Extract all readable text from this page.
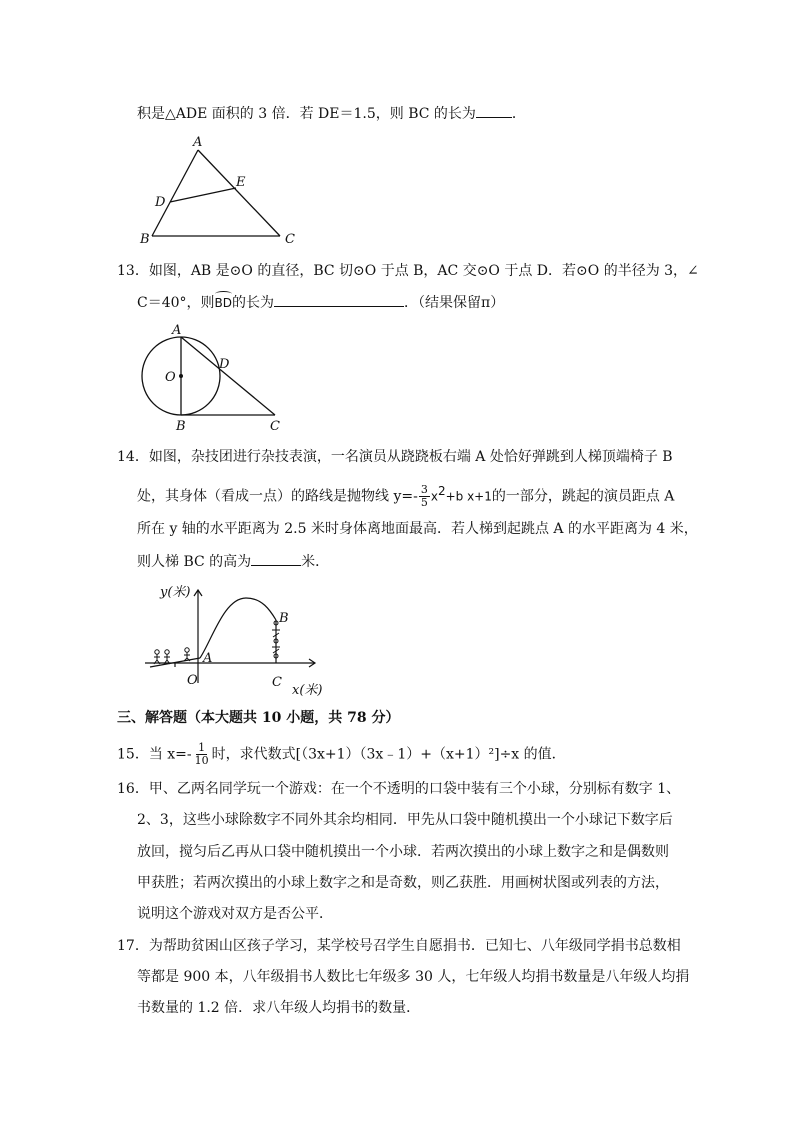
积是△ADE 面积的 3 倍．若 DE＝1.5，则 BC 的长为	．
A
D
E
B	C
13．如图，AB 是⊙O 的直径，BC 切⊙O 于点 B，AC 交⊙O 于点 D．若⊙O 的半径为 3，∠
C＝40°，则BD的长为	．（结果保留π）
A
O
D
B	C
14．如图，杂技团进行杂技表演，一名演员从跷跷板右端 A 处恰好弹跳到人梯顶端椅子 B
处，其身体（看成一点）的路线是抛物线 $y=- \frac{3}{5} x^2+b$ x+1的一部分，跳起的演员距点 A
所在 y 轴的水平距离为 2.5 米时身体离地面最高．若人梯到起跳点 A 的水平距离为 4 米，
则人梯 BC 的高为	米．
y(米)
x(米)
A
B
C
O
三、解答题（本大题共 10 小题，共 78 分）
15．当 $x=- \frac{1}{10}$ 时，求代数式[（3x+1）（3x﹣1）+（x+1）²]÷x 的值．
16．甲、乙两名同学玩一个游戏：在一个不透明的口袋中装有三个小球，分别标有数字 1、
2、3，这些小球除数字不同外其余均相同．甲先从口袋中随机摸出一个小球记下数字后
放回，搅匀后乙再从口袋中随机摸出一个小球．若两次摸出的小球上数字之和是偶数则
甲获胜；若两次摸出的小球上数字之和是奇数，则乙获胜．用画树状图或列表的方法，
说明这个游戏对双方是否公平．
17．为帮助贫困山区孩子学习，某学校号召学生自愿捐书．已知七、八年级同学捐书总数相
等都是 900 本，八年级捐书人数比七年级多 30 人，七年级人均捐书数量是八年级人均捐
书数量的 1.2 倍．求八年级人均捐书的数量．
